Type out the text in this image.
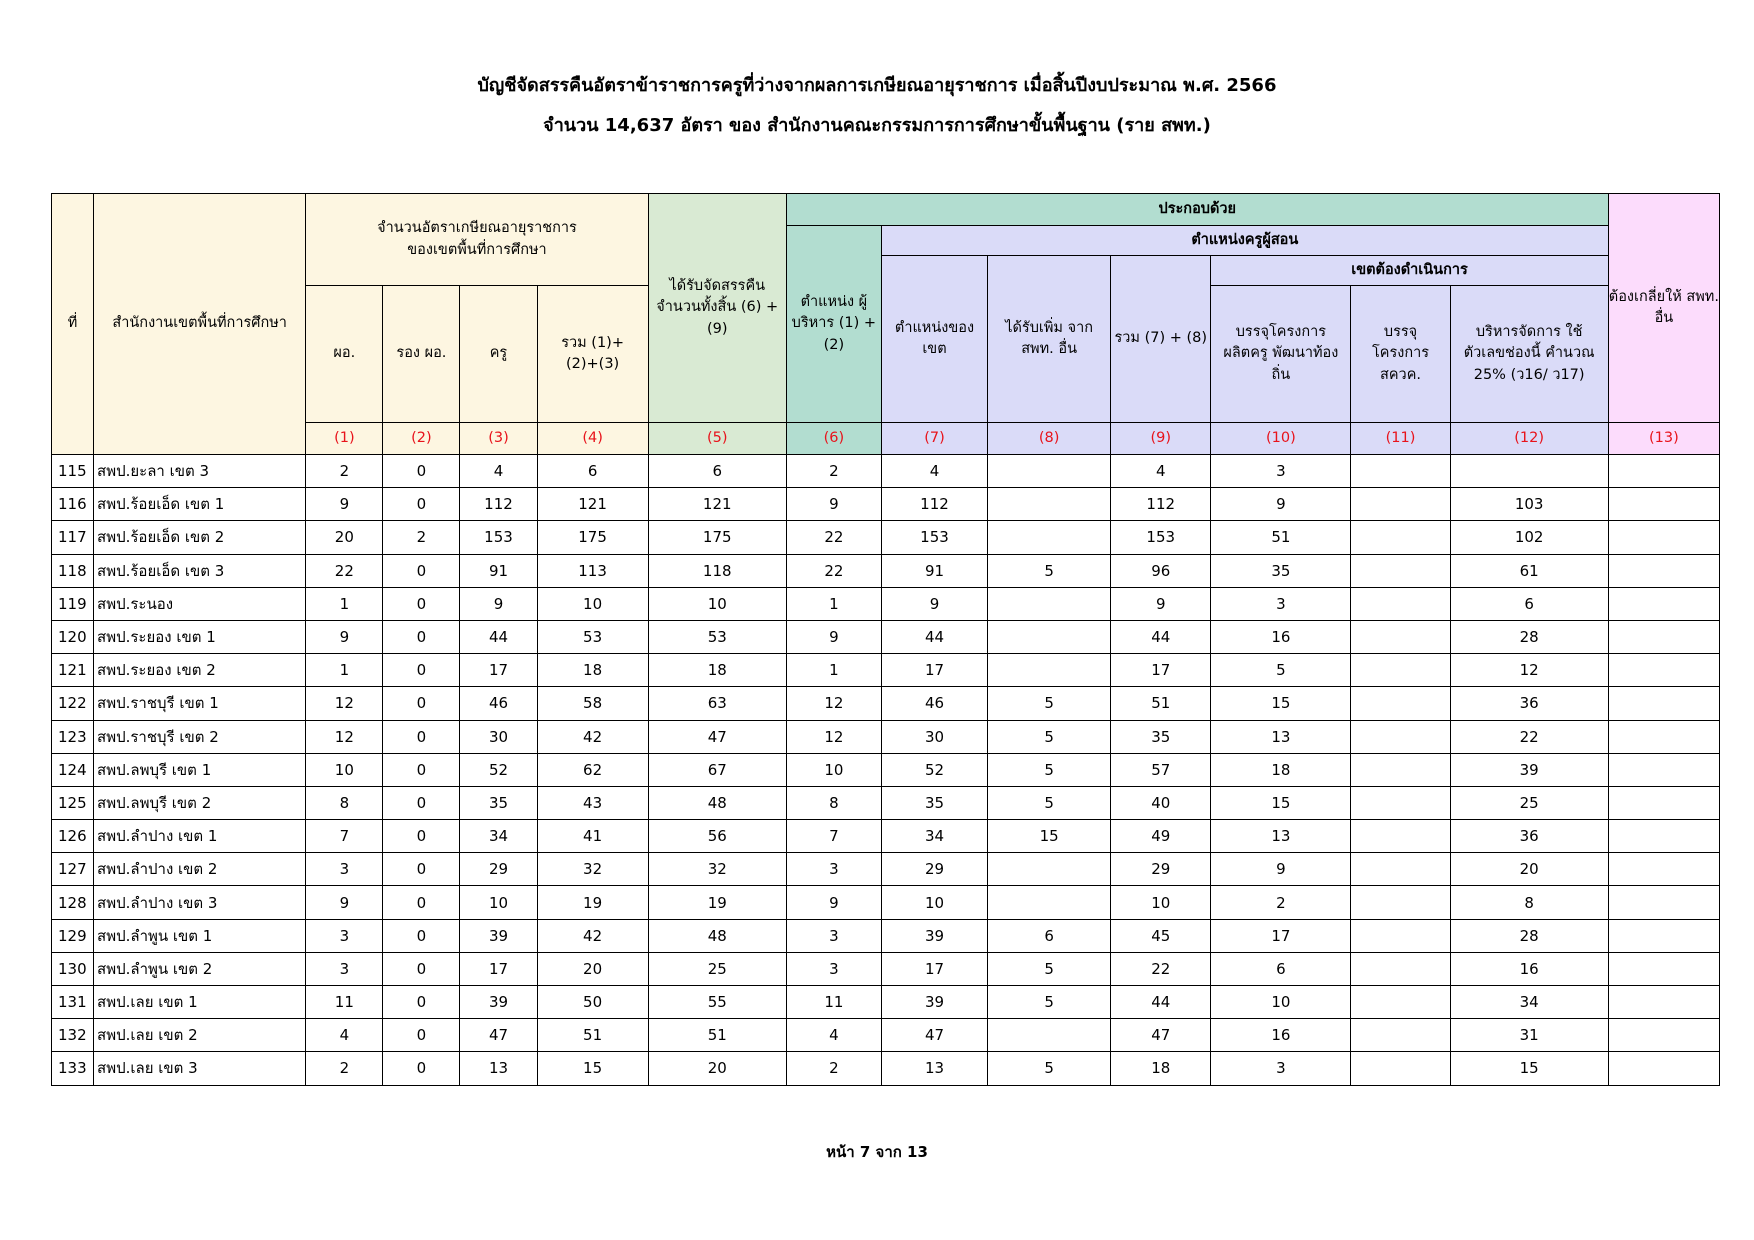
บัญชีจัดสรรคืนอัตราข้าราชการครูที่ว่างจากผลการเกษียณอายุราชการ เมื่อสิ้นปีงบประมาณ พ.ศ. 2566
จำนวน 14,637 อัตรา ของ สำนักงานคณะกรรมการการศึกษาขั้นพื้นฐาน (ราย สพท.)
ที่	สำนักงานเขตพื้นที่การศึกษา	จำนวนอัตราเกษียณอายุราชการ ของเขตพื้นที่การศึกษา				ได้รับจัดสรรคืน จำนวนทั้งสิ้น (6) + (9)	ประกอบด้วย							ต้องเกลี่ยให้ สพท. อื่น
							ตำแหน่ง ผู้บริหาร (1) + (2)	ตำแหน่งครูผู้สอน						
								ตำแหน่งของ เขต	ได้รับเพิ่ม จาก สพท. อื่น	รวม (7) + (8)	เขตต้องดำเนินการ			
		ผอ.	รอง ผอ.	ครู	รวม (1)+(2)+(3)						บรรจุโครงการ ผลิตครู พัฒนาท้องถิ่น	บรรจุ โครงการ สควค.	บริหารจัดการ ใช้ตัวเลขช่องนี้ คำนวณ 25% (ว16/ ว17)	
		(1)	(2)	(3)	(4)	(5)	(6)	(7)	(8)	(9)	(10)	(11)	(12)	(13)
115	สพป.ยะลา เขต 3	2	0	4	6	6	2	4		4	3			
116	สพป.ร้อยเอ็ด เขต 1	9	0	112	121	121	9	112		112	9		103	
117	สพป.ร้อยเอ็ด เขต 2	20	2	153	175	175	22	153		153	51		102	
118	สพป.ร้อยเอ็ด เขต 3	22	0	91	113	118	22	91	5	96	35		61	
119	สพป.ระนอง	1	0	9	10	10	1	9		9	3		6	
120	สพป.ระยอง เขต 1	9	0	44	53	53	9	44		44	16		28	
121	สพป.ระยอง เขต 2	1	0	17	18	18	1	17		17	5		12	
122	สพป.ราชบุรี เขต 1	12	0	46	58	63	12	46	5	51	15		36	
123	สพป.ราชบุรี เขต 2	12	0	30	42	47	12	30	5	35	13		22	
124	สพป.ลพบุรี เขต 1	10	0	52	62	67	10	52	5	57	18		39	
125	สพป.ลพบุรี เขต 2	8	0	35	43	48	8	35	5	40	15		25	
126	สพป.ลำปาง เขต 1	7	0	34	41	56	7	34	15	49	13		36	
127	สพป.ลำปาง เขต 2	3	0	29	32	32	3	29		29	9		20	
128	สพป.ลำปาง เขต 3	9	0	10	19	19	9	10		10	2		8	
129	สพป.ลำพูน เขต 1	3	0	39	42	48	3	39	6	45	17		28	
130	สพป.ลำพูน เขต 2	3	0	17	20	25	3	17	5	22	6		16	
131	สพป.เลย เขต 1	11	0	39	50	55	11	39	5	44	10		34	
132	สพป.เลย เขต 2	4	0	47	51	51	4	47		47	16		31	
133	สพป.เลย เขต 3	2	0	13	15	20	2	13	5	18	3		15	
หน้า 7 จาก 13
